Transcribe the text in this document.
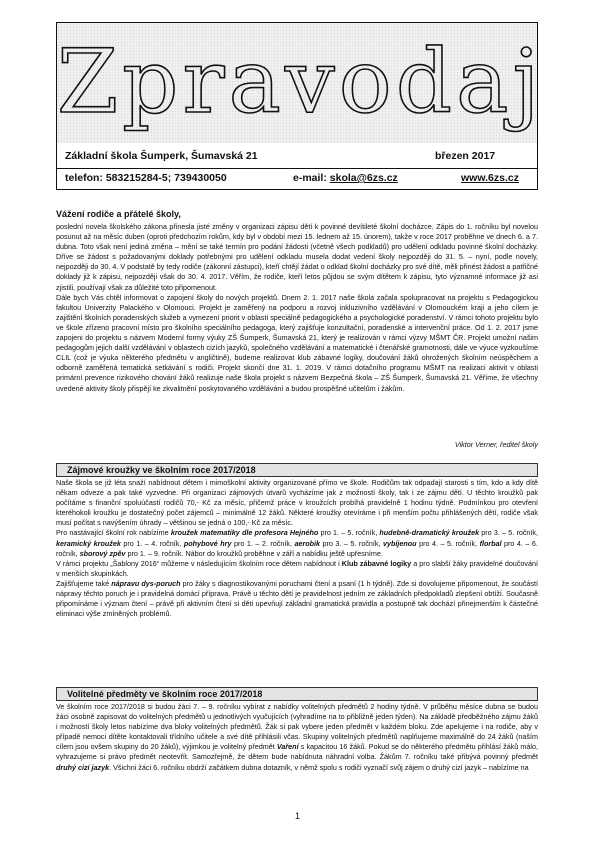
Zpravodaj
Základní škola Šumperk, Šumavská 21	březen 2017
telefon: 583215284-5; 739430050	e-mail: skola@6zs.cz	www.6zs.cz
Vážení rodiče a přátelé školy,

poslední novela školského zákona přinesla jisté změny v organizaci zápisu dětí k povinné devítileté školní docházce. Zápis do 1. ročníku byl novelou posunut až na měsíc duben (oproti předchozím rokům, kdy byl v období mezi 15. lednem až 15. únorem), takže v roce 2017 proběhne ve dnech 6. a 7. dubna. Toto však není jediná změna – mění se také termín pro podání žádosti (včetně všech podkladů) pro udělení odkladu povinné školní docházky. Dříve se žádost s požadovanými doklady potřebnými pro udělení odkladu musela dodat vedení školy nejpozději do 31. 5. – nyní, podle novely, nejpozději do 30. 4. V podstatě by tedy rodiče (zákonní zástupci), kteří chtějí žádat o odklad školní docházky pro své dítě, měli přinést žádost a patřičné doklady již k zápisu, nejpozději však do 30. 4. 2017. Věřím, že rodiče, kteří letos půjdou se svým dítětem k zápisu, tyto významné informace již asi zjistili, používají však za důležité toto připomenout.

Dále bych Vás chtěl informovat o zapojení školy do nových projektů. Dnem 2. 1. 2017 naše škola začala spolupracovat na projektu s Pedagogickou fakultou Univerzity Palackého v Olomouci. Projekt je zaměřený na podporu a rozvoj inkluzivního vzdělávání v Olomouckém kraji a jeho cílem je zajištění školních poradenských služeb a vymezení priorit v oblasti speciálně pedagogického a psychologické poradenství. V rámci tohoto projektu bylo ve škole zřízeno pracovní místo pro školního speciálního pedagoga, který zajišťuje konzultační, poradenské a intervenční práce. Od 1. 2. 2017 jsme zapojeni do projektu s názvem Moderní formy výuky ZŠ Šumperk, Šumavská 21, který je realizován v rámci výzvy MŠMT ČR. Projekt umožní našim pedagogům jejich další vzdělávání v oblastech cizích jazyků, společného vzdělávání a matematické i čtenářské gramotnosti, dále ve výuce vyzkoušíme CLIL (což je výuka některého předmětu v angličtině), budeme realizovat klub zábavné logiky, doučování žáků ohrožených školním neúspěchem a odborně zaměřená tematická setkávání s rodiči. Projekt skončí dne 31. 1. 2019. V rámci dotačního programu MŠMT na realizaci aktivit v oblasti primární prevence rizikového chování žáků realizuje naše škola projekt s názvem Bezpečná škola – ZŠ Šumperk, Šumavská 21. Věříme, že všechny uvedené aktivity školy přispějí ke zkvalitnění poskytovaného vzdělávání a budou prospěšné učitelům i žákům.

Viktor Verner, ředitel školy
Zájmové kroužky ve školním roce 2017/2018

Naše škola se již léta snaží nabídnout dětem i mimoškolní aktivity organizované přímo ve škole. Rodičům tak odpadají starosti s tím, kdo a kdy dítě někam odveze a pak také vyzvedne. Při organizaci zájmových útvarů vycházíme jak z možností školy, tak i ze zájmu dětí. U těchto kroužků pak počítáme s finanční spoluúčastí rodičů 70,- Kč za měsíc, přičemž práce v kroužcích probíhá pravidelně 1 hodinu týdně. Podmínkou pro otevření kteréhokoli kroužku je dostatečný počet zájemců – minimálně 12 žáků. Některé kroužky otevíráme i při menším počtu přihlášených dětí, rodiče však musí počítat s navýšením úhrady – většinou se jedná o 100,- Kč za měsíc.

Pro nastávající školní rok nabízíme kroužek matematiky dle profesora Hejného pro 1. – 5. ročník, hudebně-dramatický kroužek pro 3. – 5. ročník, keramický kroužek pro 1. – 4. ročník, pohybové hry pro 1. – 2. ročník, aerobik pro 3. – 5. ročník, vybíjenou pro 4. – 5. ročník, florbal pro 4. – 6. ročník, sborový zpěv pro 1. – 9. ročník. Nábor do kroužků proběhne v září a nabídku ještě upřesníme.

V rámci projektu „Šablony 2016“ můžeme v následujícím školním roce dětem nabídnout i Klub zábavné logiky a pro slabší žáky pravidelné doučování v menších skupinkách.

Zajišťujeme také nápravu dys-poruch pro žáky s diagnostikovanými poruchami čtení a psaní (1 h týdně). Zde si dovolujeme připomenout, že součástí nápravy těchto poruch je i pravidelná domácí příprava. Právě u těchto dětí je pravidelnost jedním ze základních předpokladů zlepšení obtíží. Současně připomínáme i význam čtení – právě při aktivním čtení si děti upevňují základní gramatická pravidla a postupně tak dochází přinejmenším k částečné eliminaci výše zmíněných problémů.

Volitelné předměty ve školním roce 2017/2018

Ve školním roce 2017/2018 si budou žáci 7. – 9. ročníku vybírat z nabídky volitelných předmětů 2 hodiny týdně. V průběhu měsíce dubna se budou žáci osobně zapisovat do volitelných předmětů u jednotlivých vyučujících (vyhradíme na to přibližně jeden týden). Na základě předběžného zájmu žáků i možností školy letos nabízíme dva bloky volitelných předmětů. Žák si pak vybere jeden předmět v každém bloku. Zde apelujeme i na rodiče, aby v případě nemoci dítěte kontaktovali třídního učitele a své dítě přihlásili včas. Skupiny volitelných předmětů naplňujeme maximálně do 24 žáků (naším cílem jsou ovšem skupiny do 20 žáků), výjimkou je volitelný předmět Vaření s kapacitou 16 žáků. Pokud se do některého předmětu přihlásí žáků málo, vyhrazujeme si právo předmět neotevřít. Samozřejmě, že dětem bude nabídnuta náhradní volba. Žákům 7. ročníku také přibývá povinný předmět druhý cizí jazyk. Všichni žáci 6. ročníku obdrží začátkem dubna dotazník, v němž spolu s rodiči vyznačí svůj zájem o druhý cizí jazyk – nabízíme na

1
